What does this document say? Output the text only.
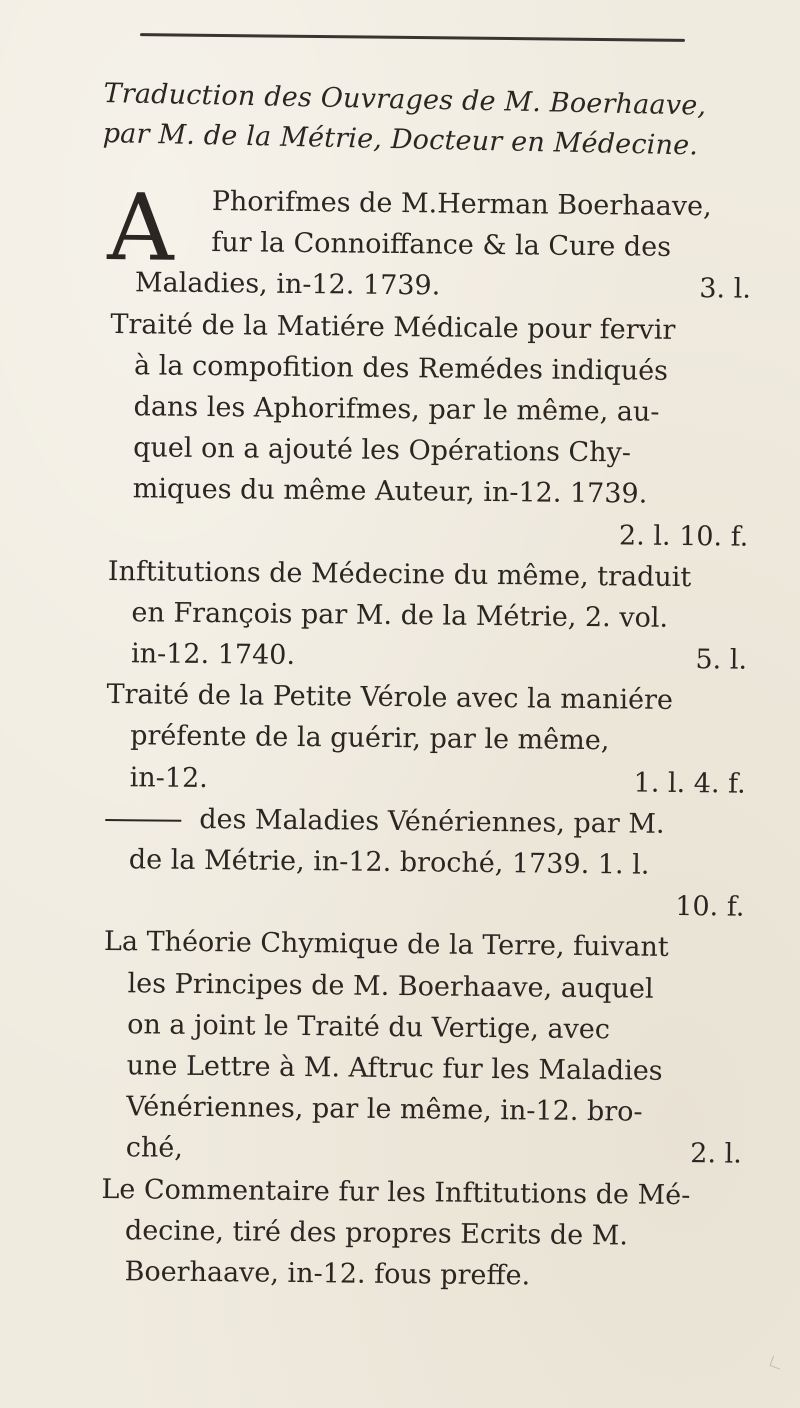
Traduction des Ouvrages de M. Boerhaave,
par M. de la Métrie, Docteur en Médecine.
A Phorifmes de M.Herman Boerhaave,
fur la Connoiffance & la Cure des
Maladies, in-12. 1739.	3. l.
Traité de la Matiére Médicale pour fervir
à la compofition des Remédes indiqués
dans les Aphorifmes, par le même, au-
quel on a ajouté les Opérations Chy-
miques du même Auteur, in-12. 1739.
2. l. 10. f.
Inftitutions de Médecine du même, traduit
en François par M. de la Métrie, 2. vol.
in-12. 1740.	5. l.
Traité de la Petite Vérole avec la maniére
préfente de la guérir, par le même,
in-12.	1. l. 4. f.
des Maladies Vénériennes, par M.
de la Métrie, in-12. broché, 1739. 1. l.
10. f.
La Théorie Chymique de la Terre, fuivant
les Principes de M. Boerhaave, auquel
on a joint le Traité du Vertige, avec
une Lettre à M. Aftruc fur les Maladies
Vénériennes, par le même, in-12. bro-
ché,	2. l.
Le Commentaire fur les Inftitutions de Mé-
decine, tiré des propres Ecrits de M.
Boerhaave, in-12. fous preffe.
